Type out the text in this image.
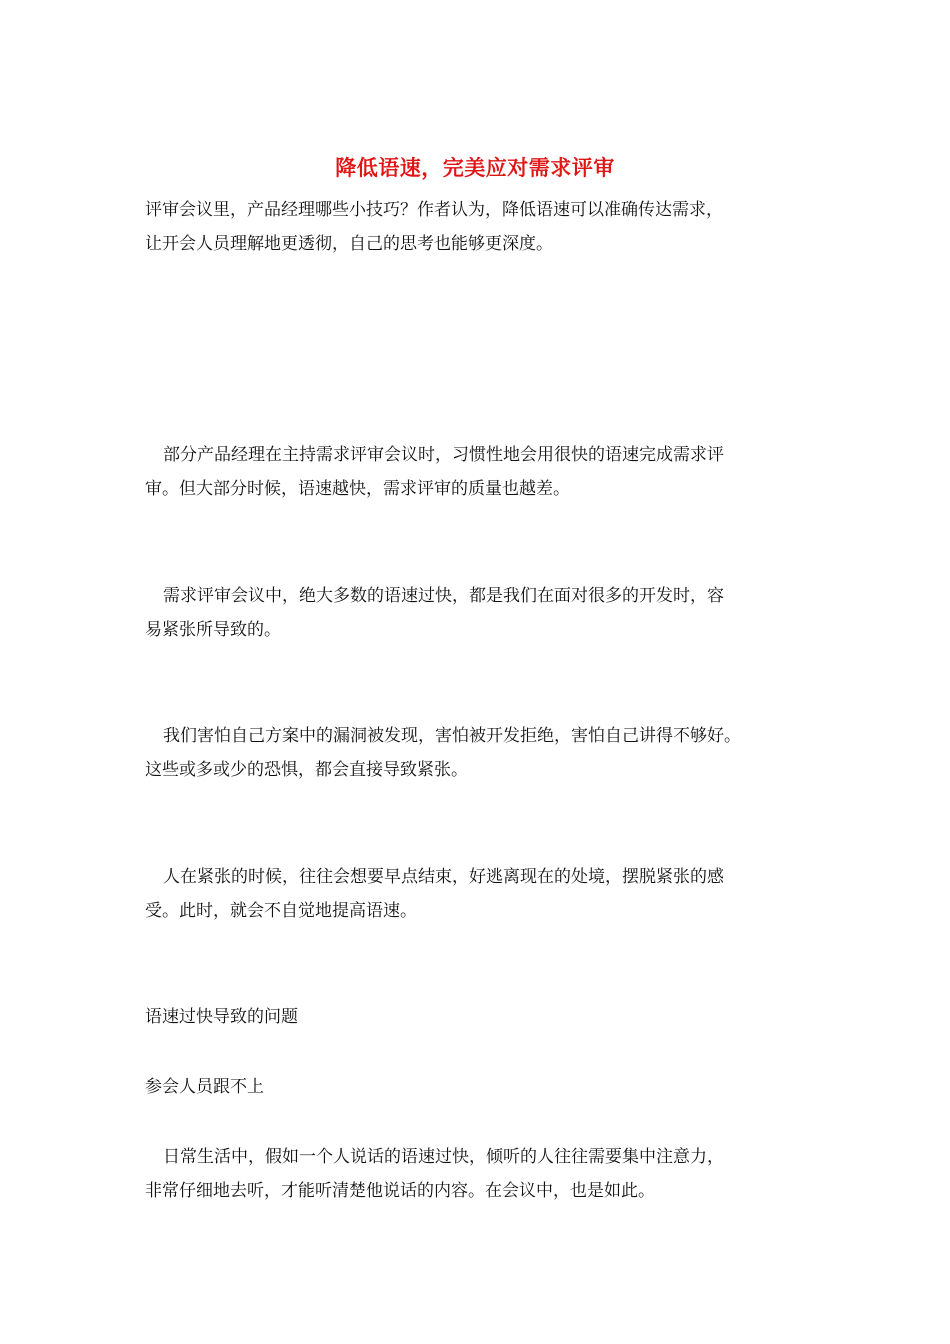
降低语速，完美应对需求评审

评审会议里，产品经理哪些小技巧？作者认为，降低语速可以准确传达需求，
让开会人员理解地更透彻，自己的思考也能够更深度。

部分产品经理在主持需求评审会议时，习惯性地会用很快的语速完成需求评
审。但大部分时候，语速越快，需求评审的质量也越差。

需求评审会议中，绝大多数的语速过快，都是我们在面对很多的开发时，容
易紧张所导致的。

我们害怕自己方案中的漏洞被发现，害怕被开发拒绝，害怕自己讲得不够好。
这些或多或少的恐惧，都会直接导致紧张。

人在紧张的时候，往往会想要早点结束，好逃离现在的处境，摆脱紧张的感
受。此时，就会不自觉地提高语速。

语速过快导致的问题

参会人员跟不上

日常生活中，假如一个人说话的语速过快，倾听的人往往需要集中注意力，
非常仔细地去听，才能听清楚他说话的内容。在会议中，也是如此。
